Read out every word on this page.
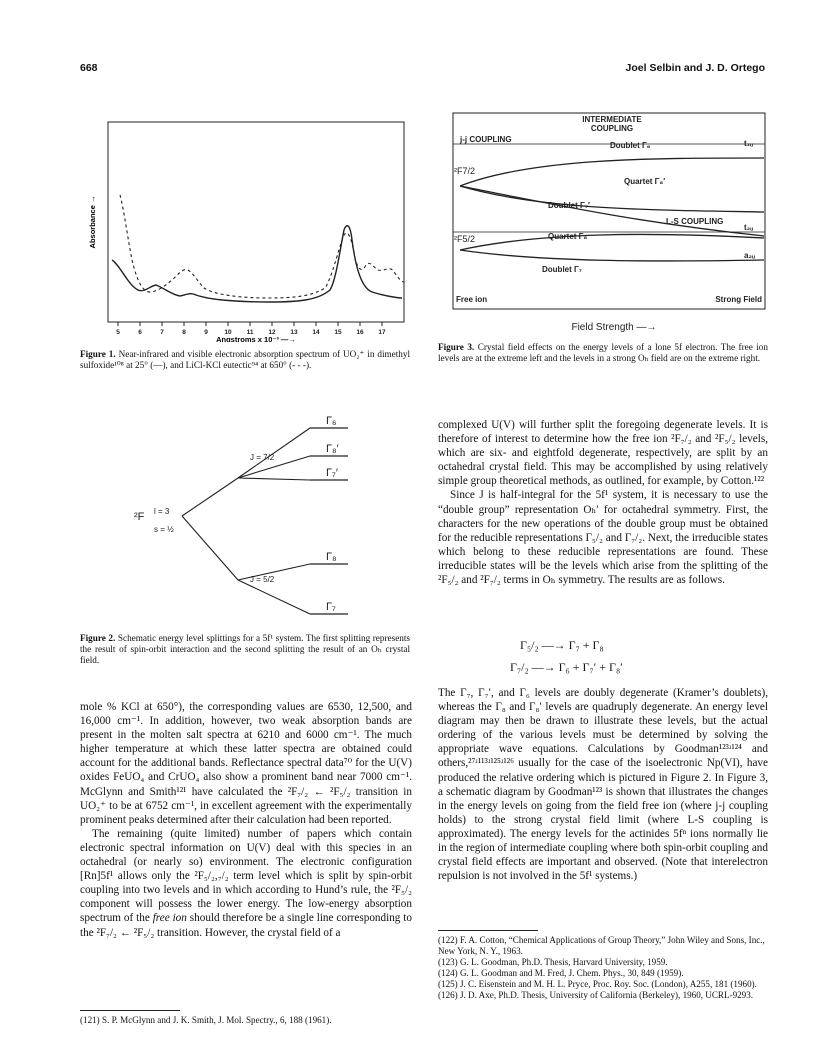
668	Joel Selbin and J. D. Ortego
5	6	7	8	9	10 11 12 13 14 15 16 17
Absorbance →
Angstroms x 10⁻³ —→
Figure 1. Near-infrared and visible electronic absorption spectrum of UO₂⁺ in dimethyl sulfoxide¹⁰⁸ at 25° (—), and LiCl-KCl eutectic⁹⁴ at 650° (- - -).
Γ₆
Γ₈′
Γ₇′
Γ₈
Γ₇
²F l = 3
s = ½
J = 7/2
J = 5/2
Figure 2. Schematic energy level splittings for a 5f¹ system. The first splitting represents the result of spin-orbit interaction and the second splitting the result of an Oₕ crystal field.
INTERMEDIATE
COUPLING
j-j COUPLING
L-S COUPLING
Doublet Γ₆
Quartet Γ₈′
Doublet Γ₇′
Quartet Γ₈
Doublet Γ₇
t₁ᵤ
t₂ᵤ
a₂ᵤ
Free ion	Strong Field
²F7/2
²F5/2
Field Strength —→
Figure 3. Crystal field effects on the energy levels of a lone 5f electron. The free ion levels are at the extreme left and the levels in a strong Oₕ field are on the extreme right.

mole % KCl at 650°), the corresponding values are 6530, 12,500, and 16,000 cm⁻¹. In addition, however, two weak absorption bands are present in the molten salt spectra at 6210 and 6000 cm⁻¹. The much higher temperature at which these latter spectra are obtained could account for the additional bands. Reflectance spectral data⁷⁰ for the U(V) oxides FeUO₄ and CrUO₄ also show a prominent band near 7000 cm⁻¹. McGlynn and Smith¹²¹ have calculated the ²F₇/₂ ← ²F₅/₂ transition in UO₂⁺ to be at 6752 cm⁻¹, in excellent agreement with the experimentally prominent peaks determined after their calculation had been reported.

The remaining (quite limited) number of papers which contain electronic spectral information on U(V) deal with this species in an octahedral (or nearly so) environment. The electronic configuration [Rn]5f¹ allows only the ²F₅/₂,₇/₂ term level which is split by spin-orbit coupling into two levels and in which according to Hund’s rule, the ²F₅/₂ component will possess the lower energy. The low-energy absorption spectrum of the free ion should therefore be a single line corresponding to the ²F₇/₂ ← ²F₅/₂ transition. However, the crystal field of a

(121) S. P. McGlynn and J. K. Smith, J. Mol. Spectry., 6, 188 (1961).

complexed U(V) will further split the foregoing degenerate levels. It is therefore of interest to determine how the free ion ²F₇/₂ and ²F₅/₂ levels, which are six- and eightfold degenerate, respectively, are split by an octahedral crystal field. This may be accomplished by using relatively simple group theoretical methods, as outlined, for example, by Cotton.¹²²

Since J is half-integral for the 5f¹ system, it is necessary to use the “double group” representation Oₕ′ for octahedral symmetry. First, the characters for the new operations of the double group must be obtained for the reducible representations Γ₅/₂ and Γ₇/₂. Next, the irreducible states which belong to these reducible representations are found. These irreducible states will be the levels which arise from the splitting of the ²F₅/₂ and ²F₇/₂ terms in Oₕ symmetry. The results are as follows.

Γ₅/₂ —→ Γ₇ + Γ₈
Γ₇/₂ —→ Γ₆ + Γ₇′ + Γ₈′

The Γ₇, Γ₇′, and Γ₆ levels are doubly degenerate (Kramer’s doublets), whereas the Γ₈ and Γ₈′ levels are quadruply degenerate. An energy level diagram may then be drawn to illustrate these levels, but the actual ordering of the various levels must be determined by solving the appropriate wave equations. Calculations by Goodman¹²³ʴ¹²⁴ and others,²⁷ʴ¹¹³ʴ¹²⁵ʴ¹²⁶ usually for the case of the isoelectronic Np(VI), have produced the relative ordering which is pictured in Figure 2. In Figure 3, a schematic diagram by Goodman¹²³ is shown that illustrates the changes in the energy levels on going from the field free ion (where j-j coupling holds) to the strong crystal field limit (where L-S coupling is approximated). The energy levels for the actinides 5fⁿ ions normally lie in the region of intermediate coupling where both spin-orbit coupling and crystal field effects are important and observed. (Note that interelectron repulsion is not involved in the 5f¹ systems.)

(122) F. A. Cotton, “Chemical Applications of Group Theory,” John Wiley and Sons, Inc., New York, N. Y., 1963.
(123) G. L. Goodman, Ph.D. Thesis, Harvard University, 1959.
(124) G. L. Goodman and M. Fred, J. Chem. Phys., 30, 849 (1959).
(125) J. C. Eisenstein and M. H. L. Pryce, Proc. Roy. Soc. (London), A255, 181 (1960).
(126) J. D. Axe, Ph.D. Thesis, University of California (Berkeley), 1960, UCRL-9293.
